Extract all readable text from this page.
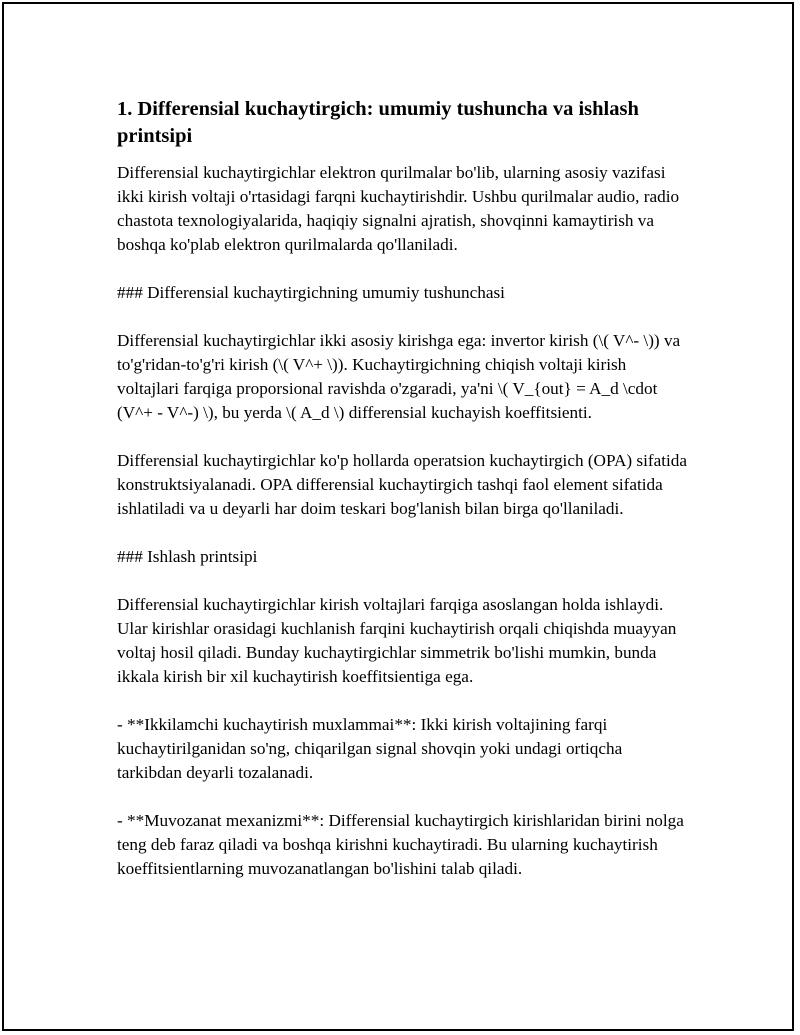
1. Differensial kuchaytirgich: umumiy tushuncha va ishlash printsipi

Differensial kuchaytirgichlar elektron qurilmalar bo'lib, ularning asosiy vazifasi ikki kirish voltaji o'rtasidagi farqni kuchaytirishdir. Ushbu qurilmalar audio, radio chastota texnologiyalarida, haqiqiy signalni ajratish, shovqinni kamaytirish va boshqa ko'plab elektron qurilmalarda qo'llaniladi.

### Differensial kuchaytirgichning umumiy tushunchasi

Differensial kuchaytirgichlar ikki asosiy kirishga ega: invertor kirish (\( V^- \)) va to'g'ridan-to'g'ri kirish (\( V^+ \)). Kuchaytirgichning chiqish voltaji kirish voltajlari farqiga proporsional ravishda o'zgaradi, ya'ni \( V_{out} = A_d \cdot (V^+ - V^-) \), bu yerda \( A_d \) differensial kuchayish koeffitsienti.

Differensial kuchaytirgichlar ko'p hollarda operatsion kuchaytirgich (OPA) sifatida konstruktsiyalanadi. OPA differensial kuchaytirgich tashqi faol element sifatida ishlatiladi va u deyarli har doim teskari bog'lanish bilan birga qo'llaniladi.

### Ishlash printsipi

Differensial kuchaytirgichlar kirish voltajlari farqiga asoslangan holda ishlaydi. Ular kirishlar orasidagi kuchlanish farqini kuchaytirish orqali chiqishda muayyan voltaj hosil qiladi. Bunday kuchaytirgichlar simmetrik bo'lishi mumkin, bunda ikkala kirish bir xil kuchaytirish koeffitsientiga ega.

- **Ikkilamchi kuchaytirish muxlammai**: Ikki kirish voltajining farqi kuchaytirilganidan so'ng, chiqarilgan signal shovqin yoki undagi ortiqcha tarkibdan deyarli tozalanadi.

- **Muvozanat mexanizmi**: Differensial kuchaytirgich kirishlaridan birini nolga teng deb faraz qiladi va boshqa kirishni kuchaytiradi. Bu ularning kuchaytirish koeffitsientlarning muvozanatlangan bo'lishini talab qiladi.
